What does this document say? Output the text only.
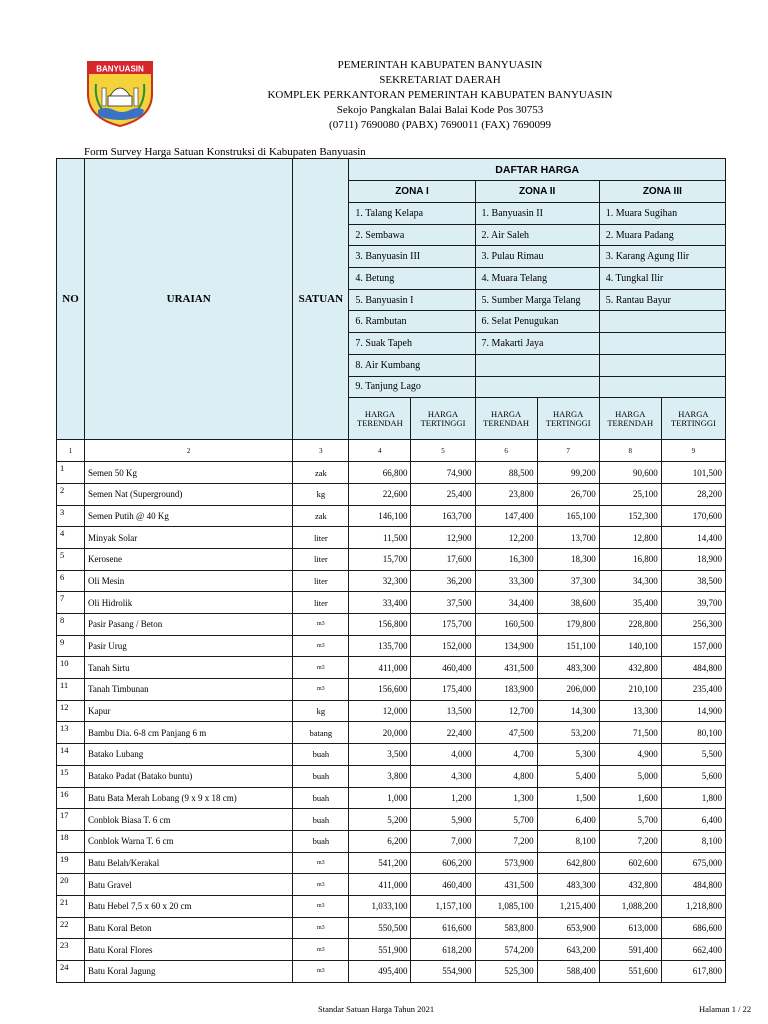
BANYUASIN	PEMERINTAH KABUPATEN BANYUASIN
SEKRETARIAT DAERAH
KOMPLEK PERKANTORAN PEMERINTAH KABUPATEN BANYUASIN
Sekojo Pangkalan Balai Balai Kode Pos 30753
(0711) 7690080 (PABX) 7690011 (FAX) 7690099
Form Survey Harga Satuan Konstruksi di Kabupaten Banyuasin
NO	URAIAN	SATUAN	DAFTAR HARGA					
			ZONA I		ZONA II		ZONA III	
			1. Talang Kelapa		1. Banyuasin II		1. Muara Sugihan	
			2. Sembawa		2. Air Saleh		2. Muara Padang	
			3. Banyuasin III		3. Pulau Rimau		3. Karang Agung Ilir	
			4. Betung		4. Muara Telang		4. Tungkal Ilir	
			5. Banyuasin I		5. Sumber Marga Telang		5. Rantau Bayur	
			6. Rambutan		6. Selat Penugukan			
			7. Suak Tapeh		7. Makarti Jaya			
			8. Air Kumbang					
			9. Tanjung Lago					
			HARGA TERENDAH	HARGA TERTINGGI	HARGA TERENDAH	HARGA TERTINGGI	HARGA TERENDAH	HARGA TERTINGGI
1	2	3	4	5	6	7	8	9
1	Semen 50 Kg	zak	66,800	74,900	88,500	99,200	90,600	101,500
2	Semen Nat (Superground)	kg	22,600	25,400	23,800	26,700	25,100	28,200
3	Semen Putih @ 40 Kg	zak	146,100	163,700	147,400	165,100	152,300	170,600
4	Minyak Solar	liter	11,500	12,900	12,200	13,700	12,800	14,400
5	Kerosene	liter	15,700	17,600	16,300	18,300	16,800	18,900
6	Oli Mesin	liter	32,300	36,200	33,300	37,300	34,300	38,500
7	Oli Hidrolik	liter	33,400	37,500	34,400	38,600	35,400	39,700
8	Pasir Pasang / Beton	m3	156,800	175,700	160,500	179,800	228,800	256,300
9	Pasir Urug	m3	135,700	152,000	134,900	151,100	140,100	157,000
10	Tanah Sirtu	m3	411,000	460,400	431,500	483,300	432,800	484,800
11	Tanah Timbunan	m3	156,600	175,400	183,900	206,000	210,100	235,400
12	Kapur	kg	12,000	13,500	12,700	14,300	13,300	14,900
13	Bambu Dia. 6-8 cm Panjang 6 m	batang	20,000	22,400	47,500	53,200	71,500	80,100
14	Batako Lubang	buah	3,500	4,000	4,700	5,300	4,900	5,500
15	Batako Padat (Batako buntu)	buah	3,800	4,300	4,800	5,400	5,000	5,600
16	Batu Bata Merah Lobang (9 x 9 x 18 cm)	buah	1,000	1,200	1,300	1,500	1,600	1,800
17	Conblok Biasa T. 6 cm	buah	5,200	5,900	5,700	6,400	5,700	6,400
18	Conblok Warna T. 6 cm	buah	6,200	7,000	7,200	8,100	7,200	8,100
19	Batu Belah/Kerakal	m3	541,200	606,200	573,900	642,800	602,600	675,000
20	Batu Gravel	m3	411,000	460,400	431,500	483,300	432,800	484,800
21	Batu Hebel 7,5 x 60 x 20 cm	m3	1,033,100	1,157,100	1,085,100	1,215,400	1,088,200	1,218,800
22	Batu Koral Beton	m3	550,500	616,600	583,800	653,900	613,000	686,600
23	Batu Koral Flores	m3	551,900	618,200	574,200	643,200	591,400	662,400
24	Batu Koral Jagung	m3	495,400	554,900	525,300	588,400	551,600	617,800
Standar Satuan Harga Tahun 2021	Halaman 1 / 22
